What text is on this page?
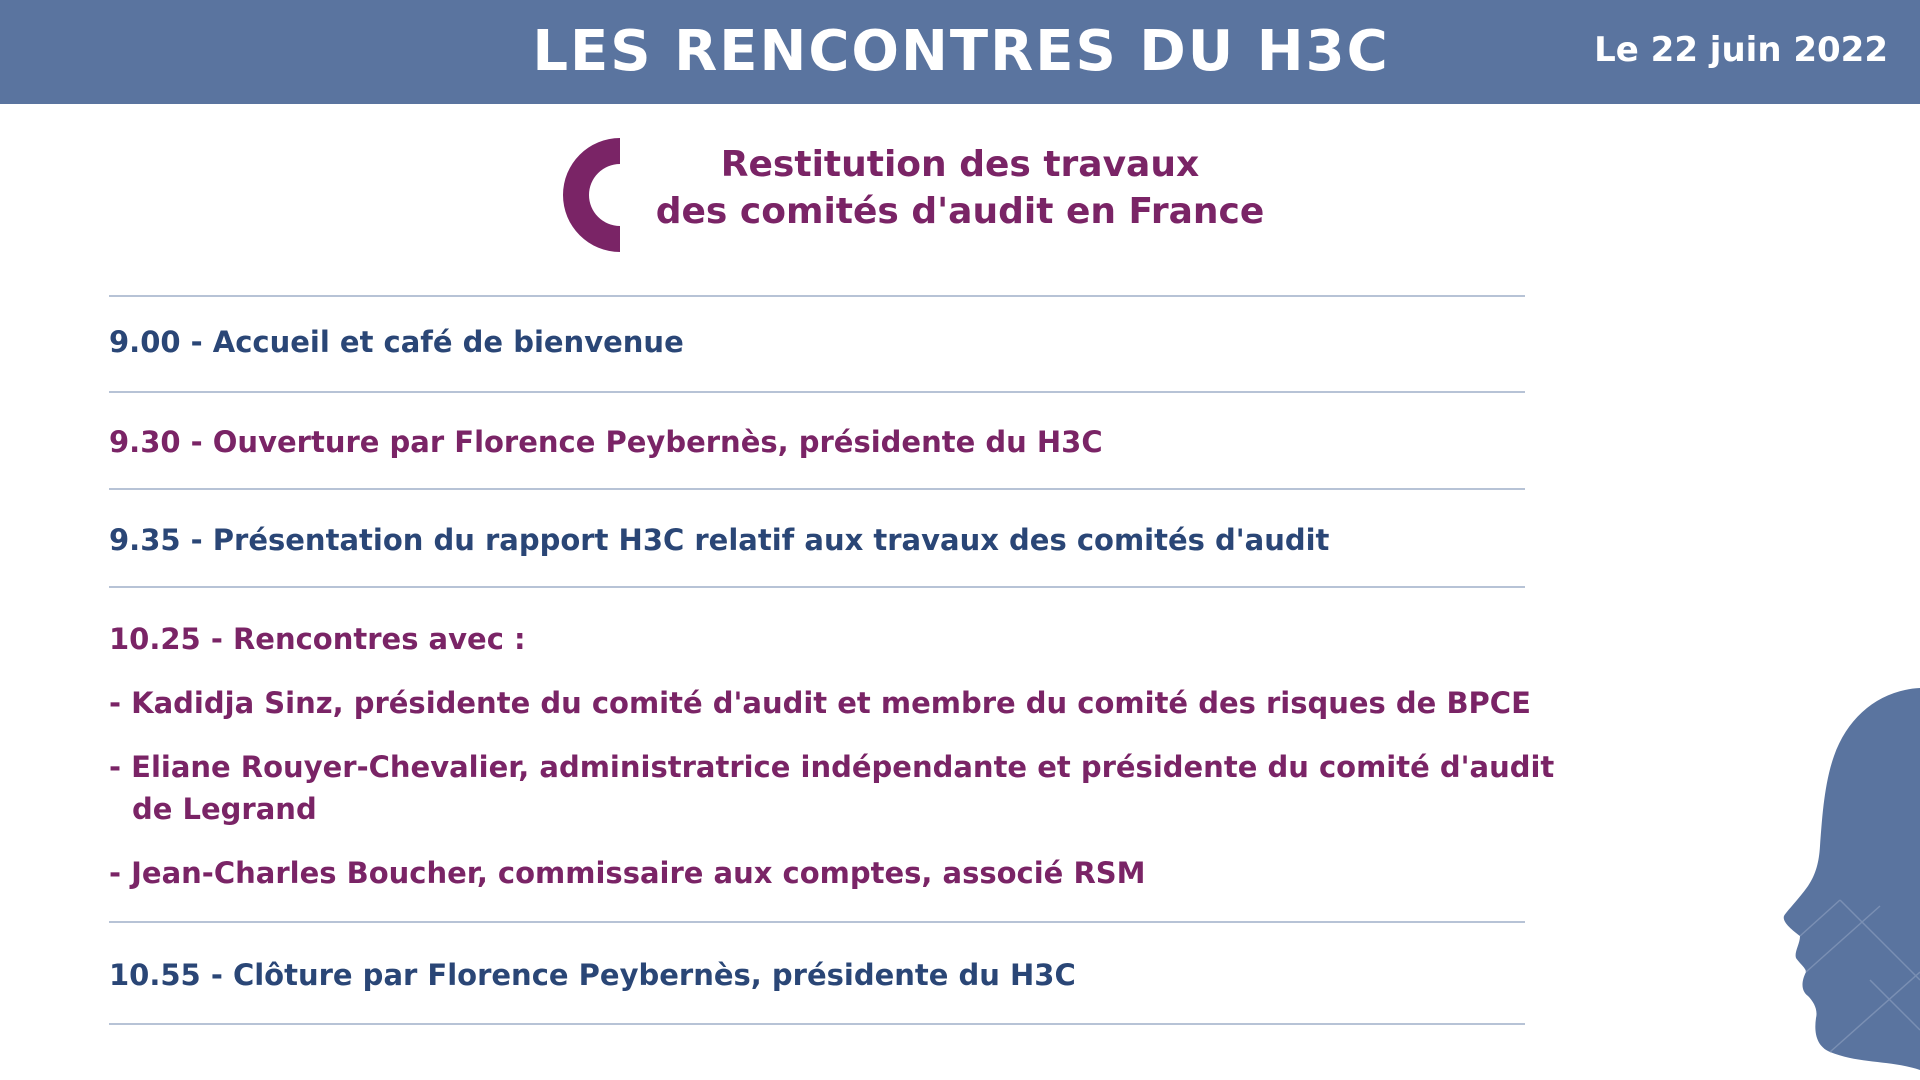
LES RENCONTRES DU H3C	Le 22 juin 2022
Restitution des travaux
des comités d'audit en France
9.00 - Accueil et café de bienvenue
9.30 - Ouverture par Florence Peybernès, présidente du H3C
9.35 - Présentation du rapport H3C relatif aux travaux des comités d'audit
10.25 - Rencontres avec :
- Kadidja Sinz, présidente du comité d'audit et membre du comité des risques de BPCE
- Eliane Rouyer-Chevalier, administratrice indépendante et présidente du comité d'audit
de Legrand
- Jean-Charles Boucher, commissaire aux comptes, associé RSM
10.55 - Clôture par Florence Peybernès, présidente du H3C
